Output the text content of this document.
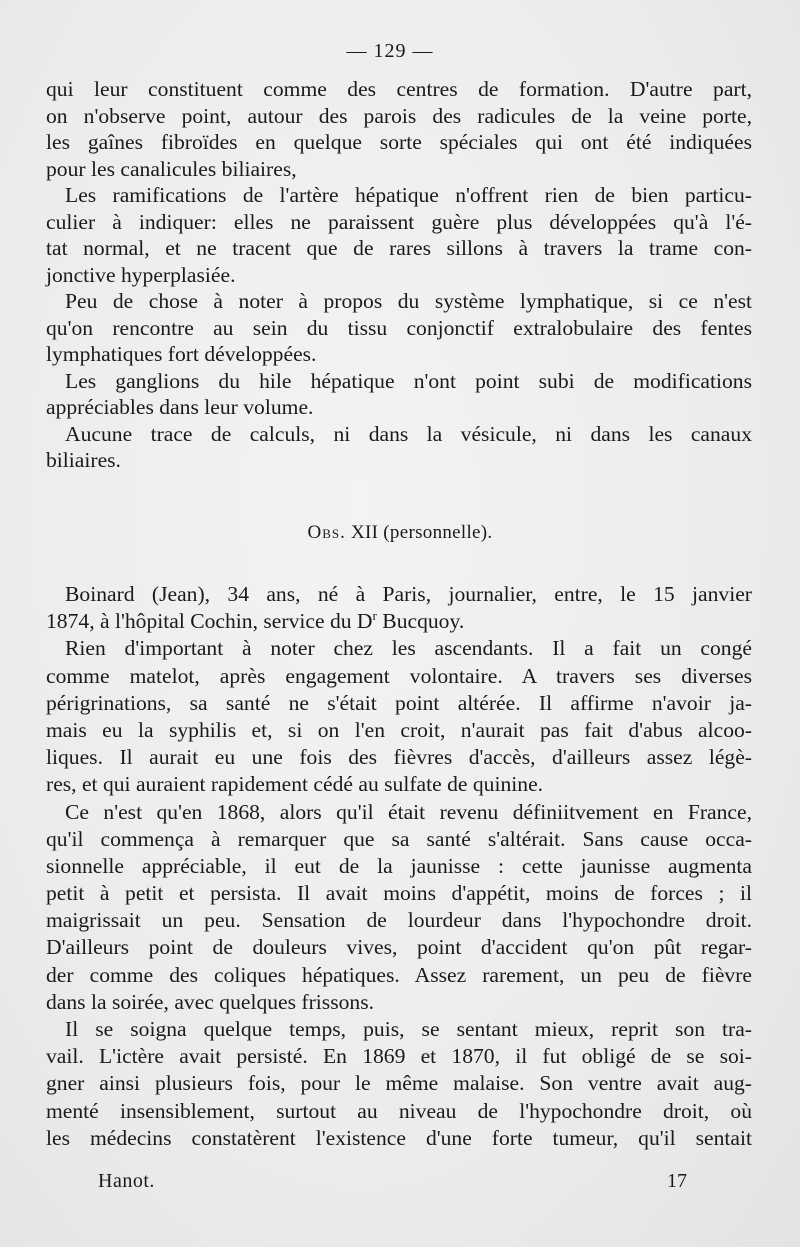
— 129 —
qui leur constituent comme des centres de formation. D'autre part,
on n'observe point, autour des parois des radicules de la veine porte,
les gaînes fibroïdes en quelque sorte spéciales qui ont été indiquées
pour les canalicules biliaires,
Les ramifications de l'artère hépatique n'offrent rien de bien particu-
culier à indiquer: elles ne paraissent guère plus développées qu'à l'é-
tat normal, et ne tracent que de rares sillons à travers la trame con-
jonctive hyperplasiée.
Peu de chose à noter à propos du système lymphatique, si ce n'est
qu'on rencontre au sein du tissu conjonctif extralobulaire des fentes
lymphatiques fort développées.
Les ganglions du hile hépatique n'ont point subi de modifications
appréciables dans leur volume.
Aucune trace de calculs, ni dans la vésicule, ni dans les canaux
biliaires.
Obs. XII (personnelle).
Boinard (Jean), 34 ans, né à Paris, journalier, entre, le 15 janvier
1874, à l'hôpital Cochin, service du $D^r$ Bucquoy.
Rien d'important à noter chez les ascendants. Il a fait un congé
comme matelot, après engagement volontaire. A travers ses diverses
périgrinations, sa santé ne s'était point altérée. Il affirme n'avoir ja-
mais eu la syphilis et, si on l'en croit, n'aurait pas fait d'abus alcoo-
liques. Il aurait eu une fois des fièvres d'accès, d'ailleurs assez légè-
res, et qui auraient rapidement cédé au sulfate de quinine.
Ce n'est qu'en 1868, alors qu'il était revenu définiitvement en France,
qu'il commença à remarquer que sa santé s'altérait. Sans cause occa-
sionnelle appréciable, il eut de la jaunisse : cette jaunisse augmenta
petit à petit et persista. Il avait moins d'appétit, moins de forces ; il
maigrissait un peu. Sensation de lourdeur dans l'hypochondre droit.
D'ailleurs point de douleurs vives, point d'accident qu'on pût regar-
der comme des coliques hépatiques. Assez rarement, un peu de fièvre
dans la soirée, avec quelques frissons.
Il se soigna quelque temps, puis, se sentant mieux, reprit son tra-
vail. L'ictère avait persisté. En 1869 et 1870, il fut obligé de se soi-
gner ainsi plusieurs fois, pour le même malaise. Son ventre avait aug-
menté insensiblement, surtout au niveau de l'hypochondre droit, où
les médecins constatèrent l'existence d'une forte tumeur, qu'il sentait
Hanot.	17
